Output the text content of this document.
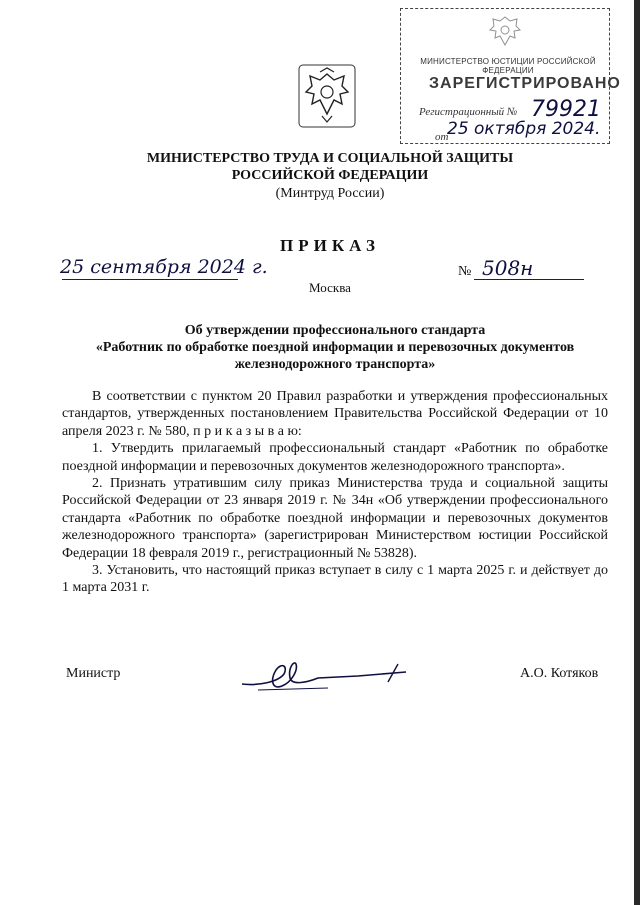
МИНИСТЕРСТВО ЮСТИЦИИ РОССИЙСКОЙ ФЕДЕРАЦИИ
ЗАРЕГИСТРИРОВАНО
Регистрационный № 79921
от
25 октября 2024.
МИНИСТЕРСТВО ТРУДА И СОЦИАЛЬНОЙ ЗАЩИТЫ
РОССИЙСКОЙ ФЕДЕРАЦИИ
(Минтруд России)
ПРИКАЗ
25 сентября 2024 г.	№ 508н
Москва
Об утверждении профессионального стандарта
«Работник по обработке поездной информации и перевозочных документов
железнодорожного транспорта»

В соответствии с пунктом 20 Правил разработки и утверждения профессиональных стандартов, утвержденных постановлением Правительства Российской Федерации от 10 апреля 2023 г. № 580, п р и к а з ы в а ю:

1. Утвердить прилагаемый профессиональный стандарт «Работник по обработке поездной информации и перевозочных документов железнодорожного транспорта».

2. Признать утратившим силу приказ Министерства труда и социальной защиты Российской Федерации от 23 января 2019 г. № 34н «Об утверждении профессионального стандарта «Работник по обработке поездной информации и перевозочных документов железнодорожного транспорта» (зарегистрирован Министерством юстиции Российской Федерации 18 февраля 2019 г., регистрационный № 53828).

3. Установить, что настоящий приказ вступает в силу с 1 марта 2025 г. и действует до 1 марта 2031 г.

Министр	А.О. Котяков
